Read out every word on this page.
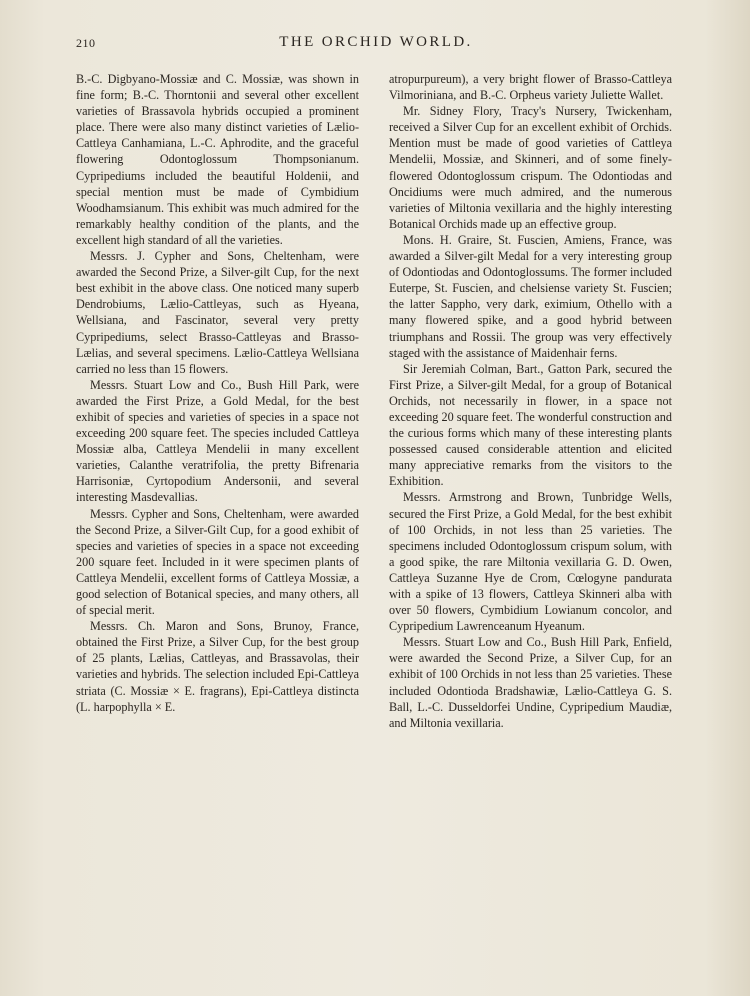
210	THE ORCHID WORLD.

B.-C. Digbyano-Mossiæ and C. Mossiæ, was shown in fine form; B.-C. Thorntonii and several other excellent varieties of Brassavola hybrids occupied a prominent place. There were also many distinct varieties of Lælio-Cattleya Canhamiana, L.-C. Aphrodite, and the graceful flowering Odontoglossum Thompsonianum. Cypripediums included the beautiful Holdenii, and special mention must be made of Cymbidium Woodhamsianum. This exhibit was much admired for the remarkably healthy condition of the plants, and the excellent high standard of all the varieties.

Messrs. J. Cypher and Sons, Cheltenham, were awarded the Second Prize, a Silver-gilt Cup, for the next best exhibit in the above class. One noticed many superb Dendrobiums, Lælio-Cattleyas, such as Hyeana, Wellsiana, and Fascinator, several very pretty Cypripediums, select Brasso-Cattleyas and Brasso-Lælias, and several specimens. Lælio-Cattleya Wellsiana carried no less than 15 flowers.

Messrs. Stuart Low and Co., Bush Hill Park, were awarded the First Prize, a Gold Medal, for the best exhibit of species and varieties of species in a space not exceeding 200 square feet. The species included Cattleya Mossiæ alba, Cattleya Mendelii in many excellent varieties, Calanthe veratrifolia, the pretty Bifrenaria Harrisoniæ, Cyrtopodium Andersonii, and several interesting Masdevallias.

Messrs. Cypher and Sons, Cheltenham, were awarded the Second Prize, a Silver-Gilt Cup, for a good exhibit of species and varieties of species in a space not exceeding 200 square feet. Included in it were specimen plants of Cattleya Mendelii, excellent forms of Cattleya Mossiæ, a good selection of Botanical species, and many others, all of special merit.

Messrs. Ch. Maron and Sons, Brunoy, France, obtained the First Prize, a Silver Cup, for the best group of 25 plants, Lælias, Cattleyas, and Brassavolas, their varieties and hybrids. The selection included Epi-Cattleya striata (C. Mossiæ × E. fragrans), Epi-Cattleya distincta (L. harpophylla × E.

atropurpureum), a very bright flower of Brasso-Cattleya Vilmoriniana, and B.-C. Orpheus variety Juliette Wallet.

Mr. Sidney Flory, Tracy's Nursery, Twickenham, received a Silver Cup for an excellent exhibit of Orchids. Mention must be made of good varieties of Cattleya Mendelii, Mossiæ, and Skinneri, and of some finely-flowered Odontoglossum crispum. The Odontiodas and Oncidiums were much admired, and the numerous varieties of Miltonia vexillaria and the highly interesting Botanical Orchids made up an effective group.

Mons. H. Graire, St. Fuscien, Amiens, France, was awarded a Silver-gilt Medal for a very interesting group of Odontiodas and Odontoglossums. The former included Euterpe, St. Fuscien, and chelsiense variety St. Fuscien; the latter Sappho, very dark, eximium, Othello with a many flowered spike, and a good hybrid between triumphans and Rossii. The group was very effectively staged with the assistance of Maidenhair ferns.

Sir Jeremiah Colman, Bart., Gatton Park, secured the First Prize, a Silver-gilt Medal, for a group of Botanical Orchids, not necessarily in flower, in a space not exceeding 20 square feet. The wonderful construction and the curious forms which many of these interesting plants possessed caused considerable attention and elicited many appreciative remarks from the visitors to the Exhibition.

Messrs. Armstrong and Brown, Tunbridge Wells, secured the First Prize, a Gold Medal, for the best exhibit of 100 Orchids, in not less than 25 varieties. The specimens included Odontoglossum crispum solum, with a good spike, the rare Miltonia vexillaria G. D. Owen, Cattleya Suzanne Hye de Crom, Cœlogyne pandurata with a spike of 13 flowers, Cattleya Skinneri alba with over 50 flowers, Cymbidium Lowianum concolor, and Cypripedium Lawrenceanum Hyeanum.

Messrs. Stuart Low and Co., Bush Hill Park, Enfield, were awarded the Second Prize, a Silver Cup, for an exhibit of 100 Orchids in not less than 25 varieties. These included Odontioda Bradshawiæ, Lælio-Cattleya G. S. Ball, L.-C. Dusseldorfei Undine, Cypripedium Maudiæ, and Miltonia vexillaria.
